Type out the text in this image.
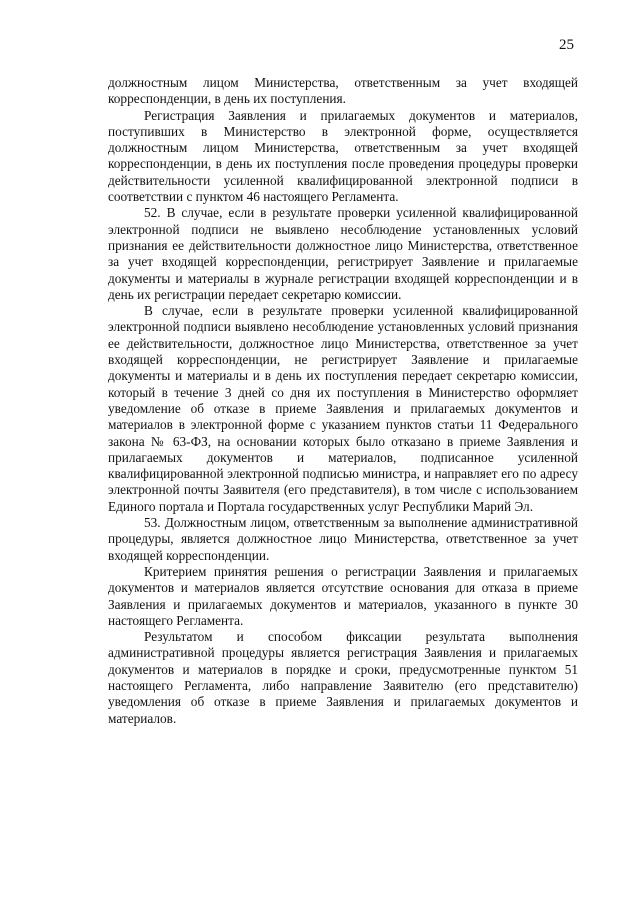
25

должностным лицом Министерства, ответственным за учет входящей корреспонденции, в день их поступления.

Регистрация Заявления и прилагаемых документов и материалов, поступивших в Министерство в электронной форме, осуществляется должностным лицом Министерства, ответственным за учет входящей корреспонденции, в день их поступления после проведения процедуры проверки действительности усиленной квалифицированной электронной подписи в соответствии с пунктом 46 настоящего Регламента.

52. В случае, если в результате проверки усиленной квалифицированной электронной подписи не выявлено несоблюдение установленных условий признания ее действительности должностное лицо Министерства, ответственное за учет входящей корреспонденции, регистрирует Заявление и прилагаемые документы и материалы в журнале регистрации входящей корреспонденции и в день их регистрации передает секретарю комиссии.

В случае, если в результате проверки усиленной квалифицированной электронной подписи выявлено несоблюдение установленных условий признания ее действительности, должностное лицо Министерства, ответственное за учет входящей корреспонденции, не регистрирует Заявление и прилагаемые документы и материалы и в день их поступления передает секретарю комиссии, который в течение 3 дней со дня их поступления в Министерство оформляет уведомление об отказе в приеме Заявления и прилагаемых документов и материалов в электронной форме с указанием пунктов статьи 11 Федерального закона № 63-ФЗ, на основании которых было отказано в приеме Заявления и прилагаемых документов и материалов, подписанное усиленной квалифицированной электронной подписью министра, и направляет его по адресу электронной почты Заявителя (его представителя), в том числе с использованием Единого портала и Портала государственных услуг Республики Марий Эл.

53. Должностным лицом, ответственным за выполнение административной процедуры, является должностное лицо Министерства, ответственное за учет входящей корреспонденции.

Критерием принятия решения о регистрации Заявления и прилагаемых документов и материалов является отсутствие основания для отказа в приеме Заявления и прилагаемых документов и материалов, указанного в пункте 30 настоящего Регламента.

Результатом и способом фиксации результата выполнения административной процедуры является регистрация Заявления и прилагаемых документов и материалов в порядке и сроки, предусмотренные пунктом 51 настоящего Регламента, либо направление Заявителю (его представителю) уведомления об отказе в приеме Заявления и прилагаемых документов и материалов.
